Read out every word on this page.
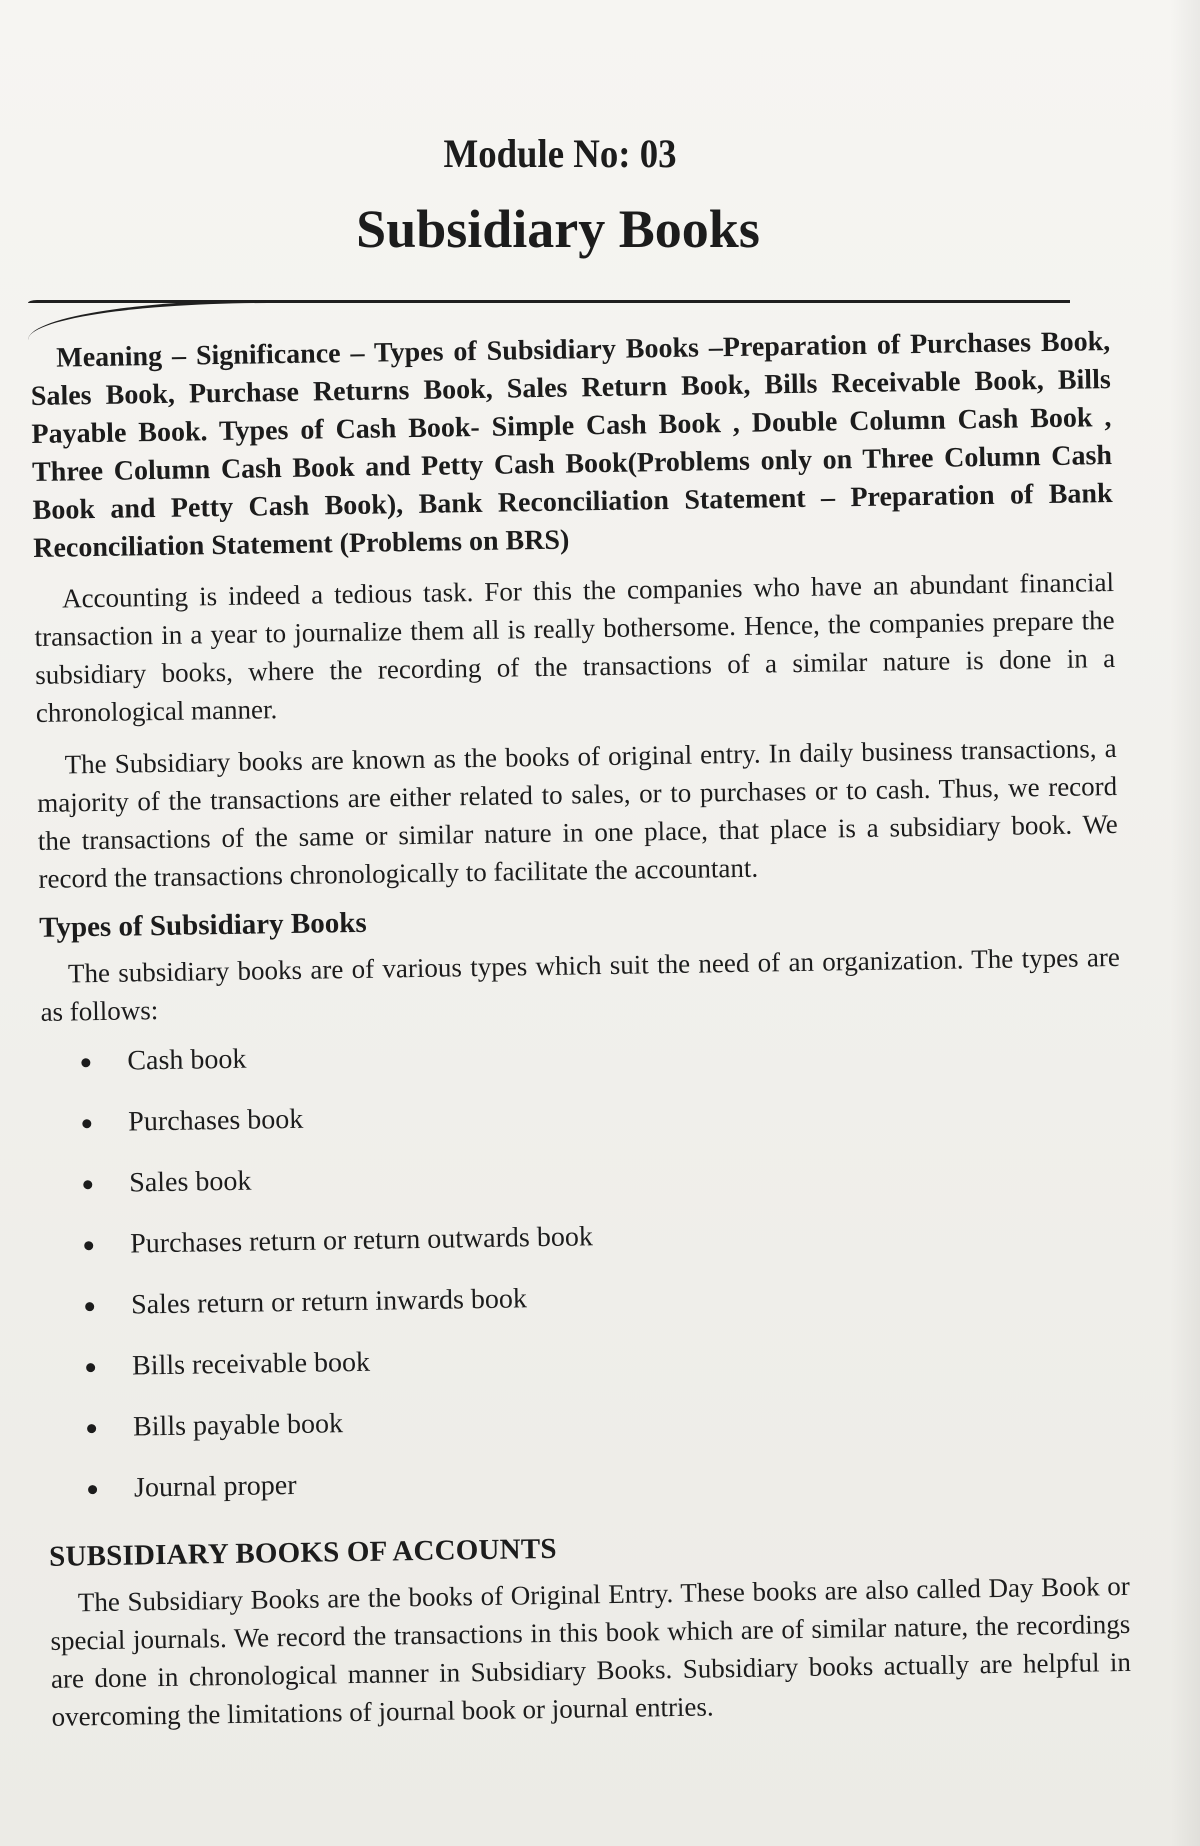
Module No: 03
Subsidiary Books

Meaning – Significance – Types of Subsidiary Books –Preparation of Purchases Book, Sales Book, Purchase Returns Book, Sales Return Book, Bills Receivable Book, Bills Payable Book. Types of Cash Book- Simple Cash Book , Double Column Cash Book , Three Column Cash Book and Petty Cash Book(Problems only on Three Column Cash Book and Petty Cash Book), Bank Reconciliation Statement – Preparation of Bank Reconciliation Statement (Problems on BRS)

Accounting is indeed a tedious task. For this the companies who have an abundant financial transaction in a year to journalize them all is really bothersome. Hence, the companies prepare the subsidiary books, where the recording of the transactions of a similar nature is done in a chronological manner.

The Subsidiary books are known as the books of original entry. In daily business transactions, a majority of the transactions are either related to sales, or to purchases or to cash. Thus, we record the transactions of the same or similar nature in one place, that place is a subsidiary book. We record the transactions chronologically to facilitate the accountant.

Types of Subsidiary Books

The subsidiary books are of various types which suit the need of an organization. The types are as follows:

Cash book
Purchases book
Sales book
Purchases return or return outwards book
Sales return or return inwards book
Bills receivable book
Bills payable book
Journal proper
SUBSIDIARY BOOKS OF ACCOUNTS

The Subsidiary Books are the books of Original Entry. These books are also called Day Book or special journals. We record the transactions in this book which are of similar nature, the recordings are done in chronological manner in Subsidiary Books. Subsidiary books actually are helpful in overcoming the limitations of journal book or journal entries.
